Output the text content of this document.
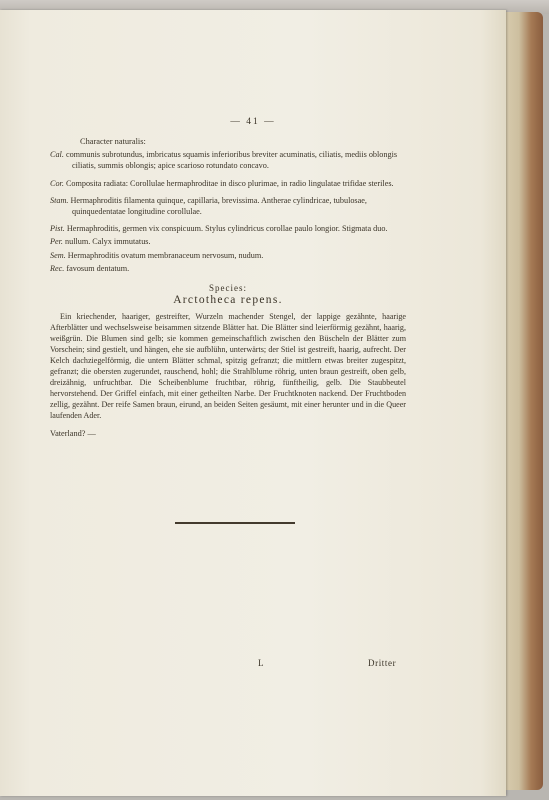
— 41 —
Character naturalis:
Cal. communis subrotundus, imbricatus squamis inferioribus breviter acuminatis, ciliatis, mediis oblongis ciliatis, summis oblongis; apice scarioso rotundato concavo.
Cor. Composita radiata: Corollulae hermaphroditae in disco plurimae, in radio lingulatae trifidae steriles.
Stam. Hermaphroditis filamenta quinque, capillaria, brevissima. Antherae cylindricae, tubulosae, quinquedentatae longitudine corollulae.
Pist. Hermaphroditis, germen vix conspicuum. Stylus cylindricus corollae paulo longior. Stigmata duo.
Per. nullum. Calyx immutatus.
Sem. Hermaphroditis ovatum membranaceum nervosum, nudum.
Rec. favosum dentatum.
Species:
Arctotheca repens.
Ein kriechender, haariger, gestreifter, Wurzeln machender Stengel, der lappige gezähnte, haarige Afterblätter und wechselsweise beisammen sitzende Blätter hat. Die Blätter sind leierförmig gezähnt, haarig, weißgrün. Die Blumen sind gelb; sie kommen gemeinschaftlich zwischen den Büscheln der Blätter zum Vorschein; sind gestielt, und hängen, ehe sie aufblühn, unterwärts; der Stiel ist gestreift, haarig, aufrecht. Der Kelch dachziegelförmig, die untern Blätter schmal, spitzig gefranzt; die mittlern etwas breiter zugespitzt, gefranzt; die obersten zugerundet, rauschend, hohl; die Strahlblume röhrig, unten braun gestreift, oben gelb, dreizähnig, unfruchtbar. Die Scheibenblume fruchtbar, röhrig, fünftheilig, gelb. Die Staubbeutel hervorstehend. Der Griffel einfach, mit einer getheilten Narbe. Der Fruchtknoten nackend. Der Fruchtboden zellig, gezähnt. Der reife Samen braun, eirund, an beiden Seiten gesäumt, mit einer herunter und in die Queer laufenden Ader.
Vaterland? —
L	Dritter
